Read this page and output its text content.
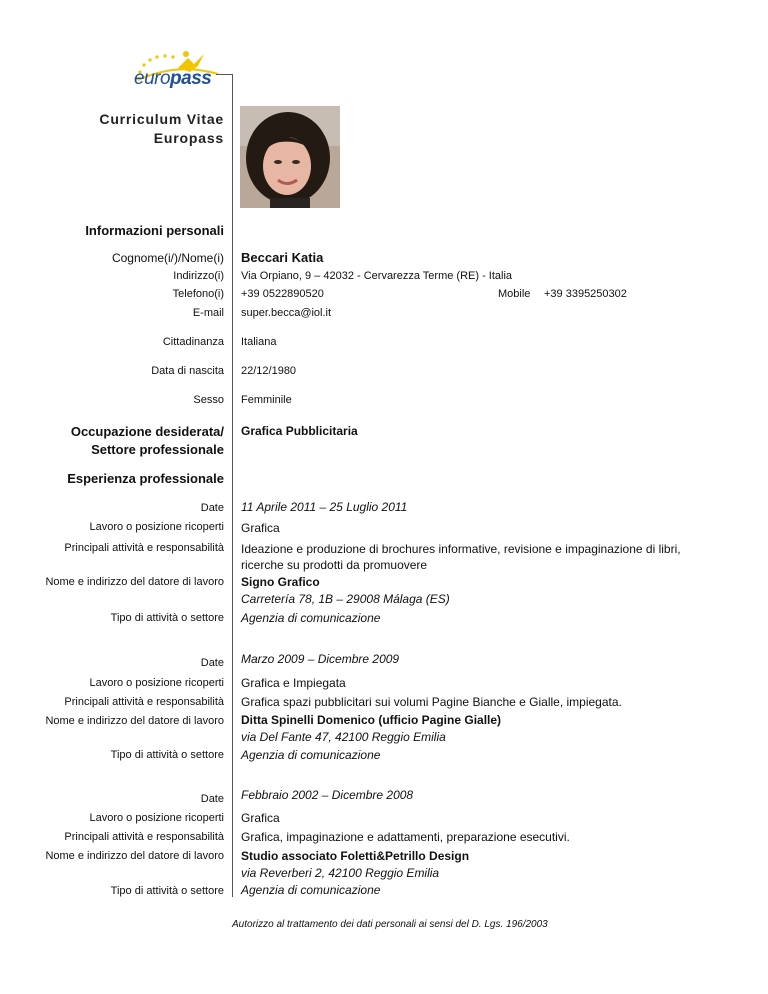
europass
Curriculum Vitae
Europass
Informazioni personali
Cognome(i/)/Nome(i) Beccari Katia
Indirizzo(i) Via Orpiano, 9 – 42032 - Cervarezza Terme (RE) - Italia
Telefono(i) +39 0522890520	Mobile +39 3395250302
E-mail super.becca@iol.it
Cittadinanza Italiana
Data di nascita 22/12/1980
Sesso Femminile
Occupazione desiderata/
Settore professionale
Grafica Pubblicitaria
Esperienza professionale
Date 11 Aprile 2011 – 25 Luglio 2011
Lavoro o posizione ricoperti Grafica
Principali attività e responsabilità Ideazione e produzione di brochures informative, revisione e impaginazione di libri, ricerche su prodotti da promuovere
Nome e indirizzo del datore di lavoro Signo Grafico
Carretería 78, 1B – 29008 Málaga (ES)
Tipo di attività o settore Agenzia di comunicazione
Date Marzo 2009 – Dicembre 2009
Lavoro o posizione ricoperti Grafica e Impiegata
Principali attività e responsabilità Grafica spazi pubblicitari sui volumi Pagine Bianche e Gialle, impiegata.
Nome e indirizzo del datore di lavoro Ditta Spinelli Domenico (ufficio Pagine Gialle)
via Del Fante 47, 42100 Reggio Emilia
Tipo di attività o settore Agenzia di comunicazione
Date Febbraio 2002 – Dicembre 2008
Lavoro o posizione ricoperti Grafica
Principali attività e responsabilità Grafica, impaginazione e adattamenti, preparazione esecutivi.
Nome e indirizzo del datore di lavoro Studio associato Foletti&Petrillo Design
via Reverberi 2, 42100 Reggio Emilia
Tipo di attività o settore Agenzia di comunicazione
Autorizzo al trattamento dei dati personali ai sensi del D. Lgs. 196/2003
